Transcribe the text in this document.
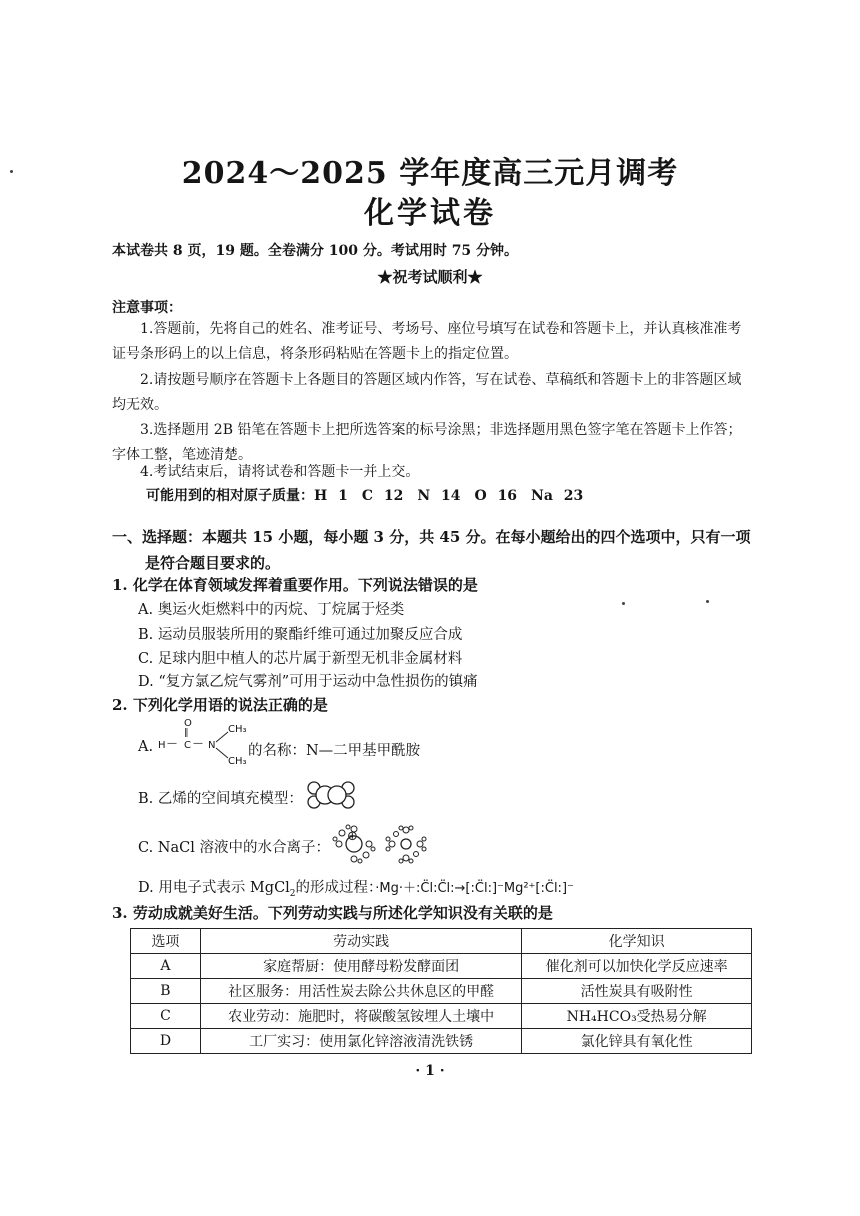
2024～2025 学年度高三元月调考
化学试卷
本试卷共 8 页，19 题。全卷满分 100 分。考试用时 75 分钟。
★祝考试顺利★
注意事项：
1.答题前，先将自己的姓名、准考证号、考场号、座位号填写在试卷和答题卡上，并认真核准准考证号条形码上的以上信息，将条形码粘贴在答题卡上的指定位置。
2.请按题号顺序在答题卡上各题目的答题区域内作答，写在试卷、草稿纸和答题卡上的非答题区域均无效。
3.选择题用 2B 铅笔在答题卡上把所选答案的标号涂黑；非选择题用黑色签字笔在答题卡上作答；字体工整，笔迹清楚。
4.考试结束后，请将试卷和答题卡一并上交。
可能用到的相对原子质量：H 1　C 12　N 14　O 16　Na 23
一、选择题：本题共 15 小题，每小题 3 分，共 45 分。在每小题给出的四个选项中，只有一项是符合题目要求的。
1. 化学在体育领域发挥着重要作用。下列说法错误的是
A. 奥运火炬燃料中的丙烷、丁烷属于烃类
B. 运动员服装所用的聚酯纤维可通过加聚反应合成
C. 足球内胆中植人的芯片属于新型无机非金属材料
D. “复方氯乙烷气雾剂”可用于运动中急性损伤的镇痛
2. 下列化学用语的说法正确的是
A.
O
‖
H — C — N
CH₃
CH₃
的名称：N—二甲基甲酰胺
B. 乙烯的空间填充模型：
C. NaCl 溶液中的水合离子：
⊕
D. 用电子式表示 MgCl$_2$的形成过程：·Mg·＋:C̈l:C̈l:→[:C̈l:]⁻Mg²⁺[:C̈l:]⁻
3. 劳动成就美好生活。下列劳动实践与所述化学知识没有关联的是
选项	劳动实践	化学知识
A	家庭帮厨：使用酵母粉发酵面团	催化剂可以加快化学反应速率
B	社区服务：用活性炭去除公共休息区的甲醛	活性炭具有吸附性
C	农业劳动：施肥时，将碳酸氢铵埋人土壤中	NH₄HCO₃受热易分解
D	工厂实习：使用氯化锌溶液清洗铁锈	氯化锌具有氧化性
· 1 ·
